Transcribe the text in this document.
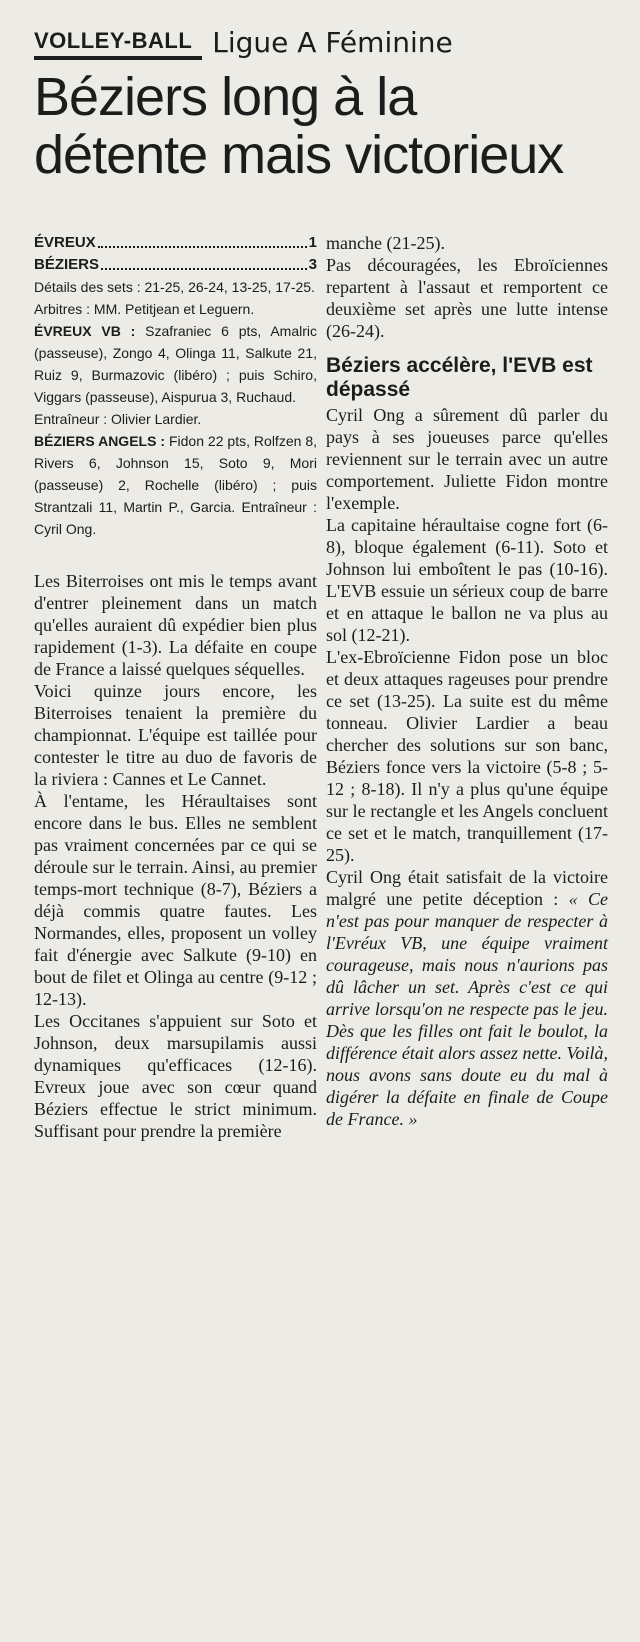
VOLLEY-BALL Ligue A Féminine
Béziers long à la
détente mais victorieux
ÉVREUX	1
BÉZIERS	3

Détails des sets : 21-25, 26-24, 13-25, 17-25.

Arbitres : MM. Petitjean et Leguern.

ÉVREUX VB : Szafraniec 6 pts, Amalric (passeuse), Zongo 4, Olinga 11, Salkute 21, Ruiz 9, Burmazovic (libéro) ; puis Schiro, Viggars (passeuse), Aispurua 3, Ruchaud.

Entraîneur : Olivier Lardier.

BÉZIERS ANGELS : Fidon 22 pts, Rolfzen 8, Rivers 6, Johnson 15, Soto 9, Mori (passeuse) 2, Rochelle (libéro) ; puis Strantzali 11, Martin P., Garcia. Entraîneur : Cyril Ong.

Les Biterroises ont mis le temps avant d'entrer pleinement dans un match qu'elles auraient dû expédier bien plus rapidement (1-3). La défaite en coupe de France a laissé quelques séquelles.

Voici quinze jours encore, les Biterroises tenaient la première du championnat. L'équipe est taillée pour contester le titre au duo de favoris de la riviera : Cannes et Le Cannet.

À l'entame, les Héraultaises sont encore dans le bus. Elles ne semblent pas vraiment concernées par ce qui se déroule sur le terrain. Ainsi, au premier temps-mort technique (8-7), Béziers a déjà commis quatre fautes. Les Normandes, elles, proposent un volley fait d'énergie avec Salkute (9-10) en bout de filet et Olinga au centre (9-12 ; 12-13).

Les Occitanes s'appuient sur Soto et Johnson, deux marsupilamis aussi dynamiques qu'efficaces (12-16). Evreux joue avec son cœur quand Béziers effectue le strict minimum. Suffisant pour prendre la première

manche (21-25).

Pas découragées, les Ebroïciennes repartent à l'assaut et remportent ce deuxième set après une lutte intense (26-24).

Béziers accélère, l'EVB est dépassé

Cyril Ong a sûrement dû parler du pays à ses joueuses parce qu'elles reviennent sur le terrain avec un autre comportement. Juliette Fidon montre l'exemple.

La capitaine héraultaise cogne fort (6-8), bloque également (6-11). Soto et Johnson lui emboîtent le pas (10-16). L'EVB essuie un sérieux coup de barre et en attaque le ballon ne va plus au sol (12-21).

L'ex-Ebroïcienne Fidon pose un bloc et deux attaques rageuses pour prendre ce set (13-25). La suite est du même tonneau. Olivier Lardier a beau chercher des solutions sur son banc, Béziers fonce vers la victoire (5-8 ; 5-12 ; 8-18). Il n'y a plus qu'une équipe sur le rectangle et les Angels concluent ce set et le match, tranquillement (17-25).

Cyril Ong était satisfait de la victoire malgré une petite déception : « Ce n'est pas pour manquer de respecter à l'Evréux VB, une équipe vraiment courageuse, mais nous n'aurions pas dû lâcher un set. Après c'est ce qui arrive lorsqu'on ne respecte pas le jeu. Dès que les filles ont fait le boulot, la différence était alors assez nette. Voilà, nous avons sans doute eu du mal à digérer la défaite en finale de Coupe de France. »
